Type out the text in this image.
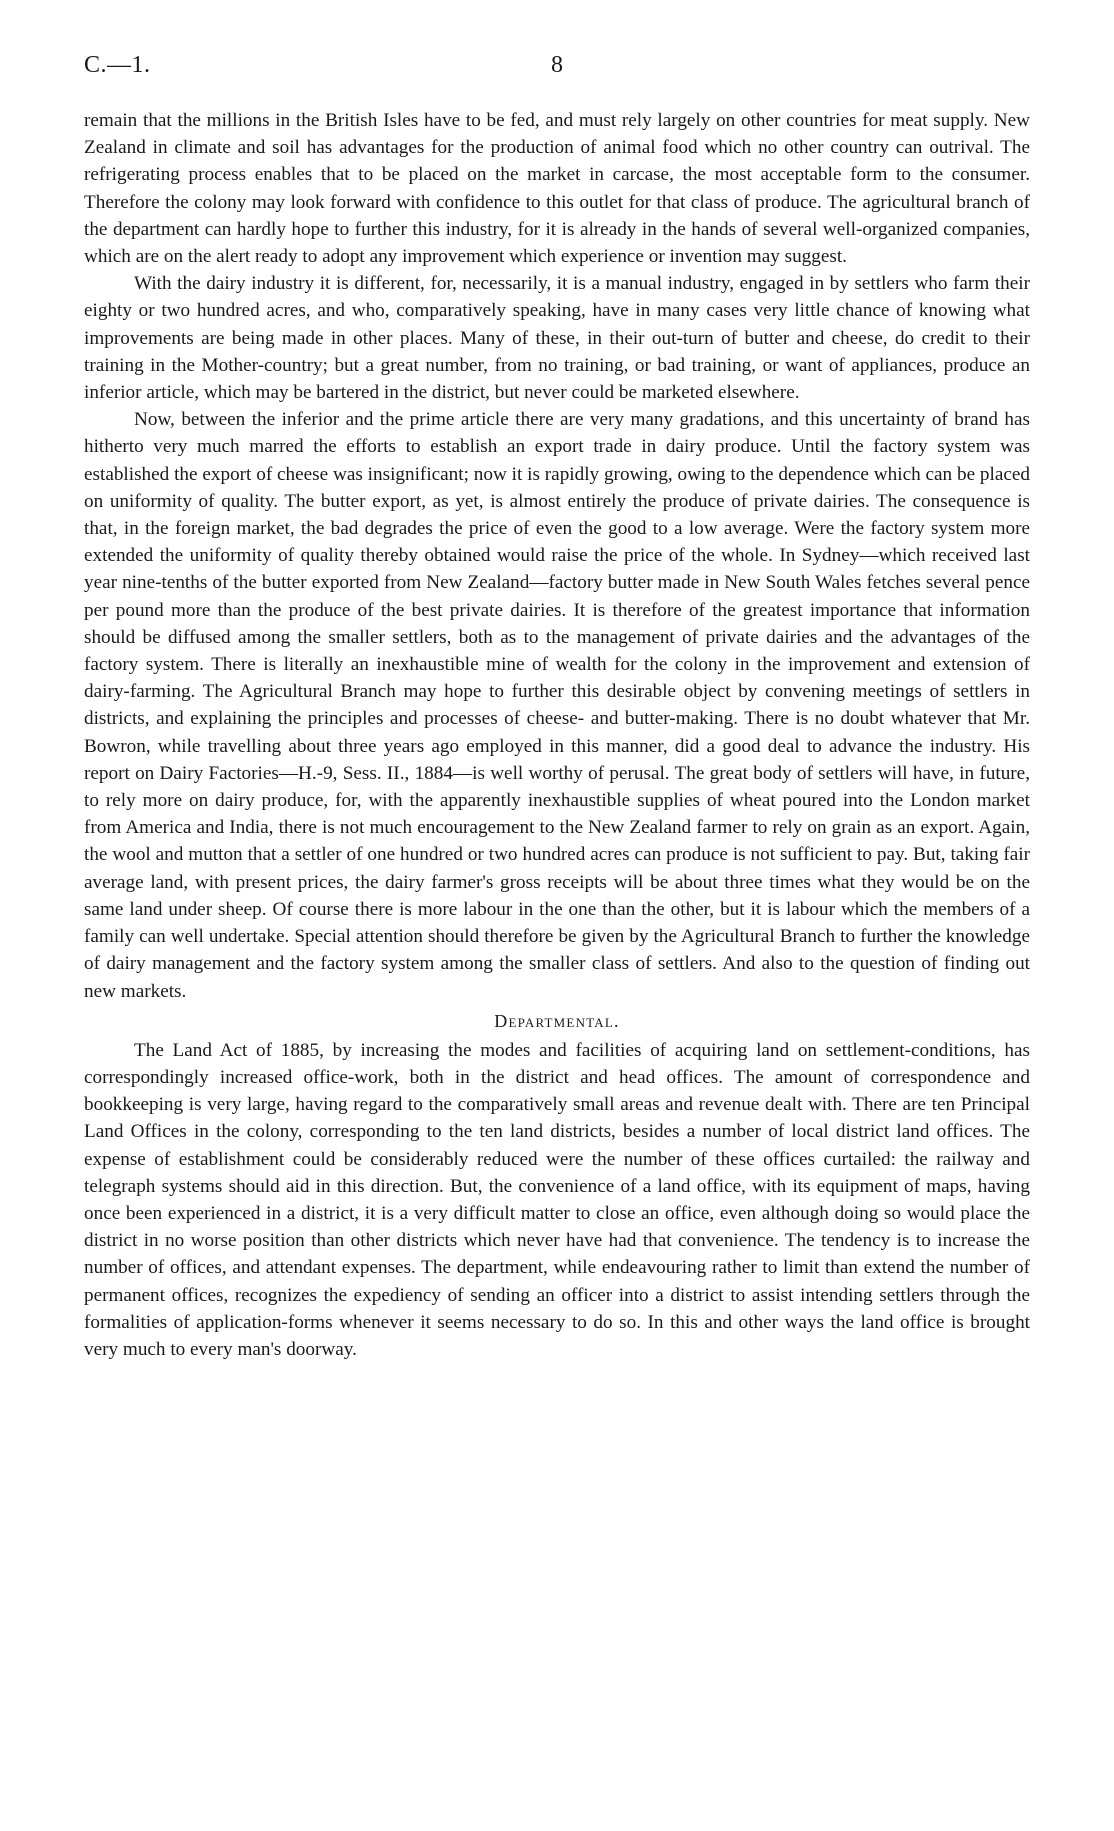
C.—1.	8

remain that the millions in the British Isles have to be fed, and must rely largely on other countries for meat supply. New Zealand in climate and soil has advantages for the production of animal food which no other country can outrival. The refrigerating process enables that to be placed on the market in carcase, the most acceptable form to the consumer. Therefore the colony may look forward with confidence to this outlet for that class of produce. The agricultural branch of the department can hardly hope to further this industry, for it is already in the hands of several well-organized companies, which are on the alert ready to adopt any improvement which experience or invention may suggest.

With the dairy industry it is different, for, necessarily, it is a manual industry, engaged in by settlers who farm their eighty or two hundred acres, and who, comparatively speaking, have in many cases very little chance of knowing what improvements are being made in other places. Many of these, in their out-turn of butter and cheese, do credit to their training in the Mother-country; but a great number, from no training, or bad training, or want of appliances, produce an inferior article, which may be bartered in the district, but never could be marketed elsewhere.

Now, between the inferior and the prime article there are very many gradations, and this uncertainty of brand has hitherto very much marred the efforts to establish an export trade in dairy produce. Until the factory system was established the export of cheese was insignificant; now it is rapidly growing, owing to the dependence which can be placed on uniformity of quality. The butter export, as yet, is almost entirely the produce of private dairies. The consequence is that, in the foreign market, the bad degrades the price of even the good to a low average. Were the factory system more extended the uniformity of quality thereby obtained would raise the price of the whole. In Sydney—which received last year nine-tenths of the butter exported from New Zealand—factory butter made in New South Wales fetches several pence per pound more than the produce of the best private dairies. It is therefore of the greatest importance that information should be diffused among the smaller settlers, both as to the management of private dairies and the advantages of the factory system. There is literally an inexhaustible mine of wealth for the colony in the improvement and extension of dairy-farming. The Agricultural Branch may hope to further this desirable object by convening meetings of settlers in districts, and explaining the principles and processes of cheese- and butter-making. There is no doubt whatever that Mr. Bowron, while travelling about three years ago employed in this manner, did a good deal to advance the industry. His report on Dairy Factories—H.-9, Sess. II., 1884—is well worthy of perusal. The great body of settlers will have, in future, to rely more on dairy produce, for, with the apparently inexhaustible supplies of wheat poured into the London market from America and India, there is not much encouragement to the New Zealand farmer to rely on grain as an export. Again, the wool and mutton that a settler of one hundred or two hundred acres can produce is not sufficient to pay. But, taking fair average land, with present prices, the dairy farmer's gross receipts will be about three times what they would be on the same land under sheep. Of course there is more labour in the one than the other, but it is labour which the members of a family can well undertake. Special attention should therefore be given by the Agricultural Branch to further the knowledge of dairy management and the factory system among the smaller class of settlers. And also to the question of finding out new markets.

Departmental.

The Land Act of 1885, by increasing the modes and facilities of acquiring land on settlement-conditions, has correspondingly increased office-work, both in the district and head offices. The amount of correspondence and bookkeeping is very large, having regard to the comparatively small areas and revenue dealt with. There are ten Principal Land Offices in the colony, corresponding to the ten land districts, besides a number of local district land offices. The expense of establishment could be considerably reduced were the number of these offices curtailed: the railway and telegraph systems should aid in this direction. But, the convenience of a land office, with its equipment of maps, having once been experienced in a district, it is a very difficult matter to close an office, even although doing so would place the district in no worse position than other districts which never have had that convenience. The tendency is to increase the number of offices, and attendant expenses. The department, while endeavouring rather to limit than extend the number of permanent offices, recognizes the expediency of sending an officer into a district to assist intending settlers through the formalities of application-forms whenever it seems necessary to do so. In this and other ways the land office is brought very much to every man's doorway.
